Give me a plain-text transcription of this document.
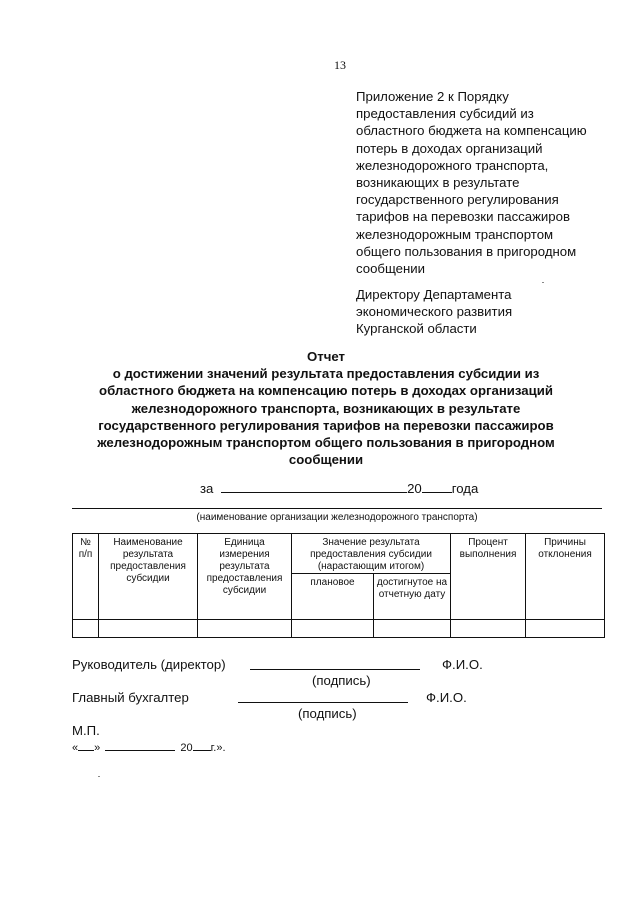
13
Приложение 2 к Порядку
предоставления субсидий из
областного бюджета на компенсацию
потерь в доходах организаций
железнодорожного транспорта,
возникающих в результате
государственного регулирования
тарифов на перевозки пассажиров
железнодорожным транспортом
общего пользования в пригородном
сообщении
Директору Департамента
экономического развития
Курганской области
Отчет
о достижении значений результата предоставления субсидии из
областного бюджета на компенсацию потерь в доходах организаций
железнодорожного транспорта, возникающих в результате
государственного регулирования тарифов на перевозки пассажиров
железнодорожным транспортом общего пользования в пригородном
сообщении
за	20 года
(наименование организации железнодорожного транспорта)
№ п/п	Наименование результата предоставления субсидии	Единица измерения результата предоставления субсидии	Значение результата предоставления субсидии (нарастающим итогом)		Процент выполнения	Причины отклонения
			плановое	достигнутое на отчетную дату		

Руководитель (директор)	Ф.И.О.
(подпись)
Главный бухгалтер	Ф.И.О.
(подпись)
М.П.
« »	20 г.».
